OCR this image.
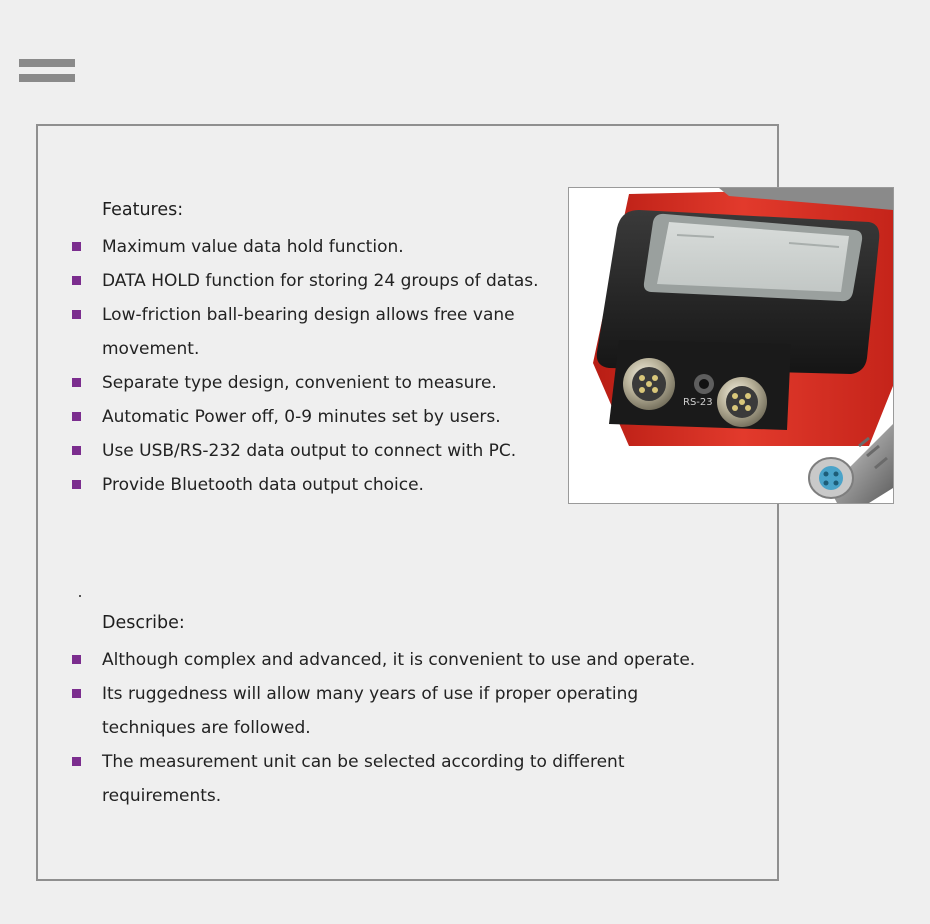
Features:
Maximum value data hold function.
DATA HOLD function for storing 24 groups of datas.
Low-friction ball-bearing design allows free vane movement.
Separate type design, convenient to measure.
Automatic Power off, 0-9 minutes set by users.
Use USB/RS-232 data output to connect with PC.
Provide Bluetooth data output choice.
Describe:
Although complex and advanced, it is convenient to use and operate.
Its ruggedness will allow many years of use if proper operating techniques are followed.
The measurement unit can be selected according to different requirements.
RS-23
